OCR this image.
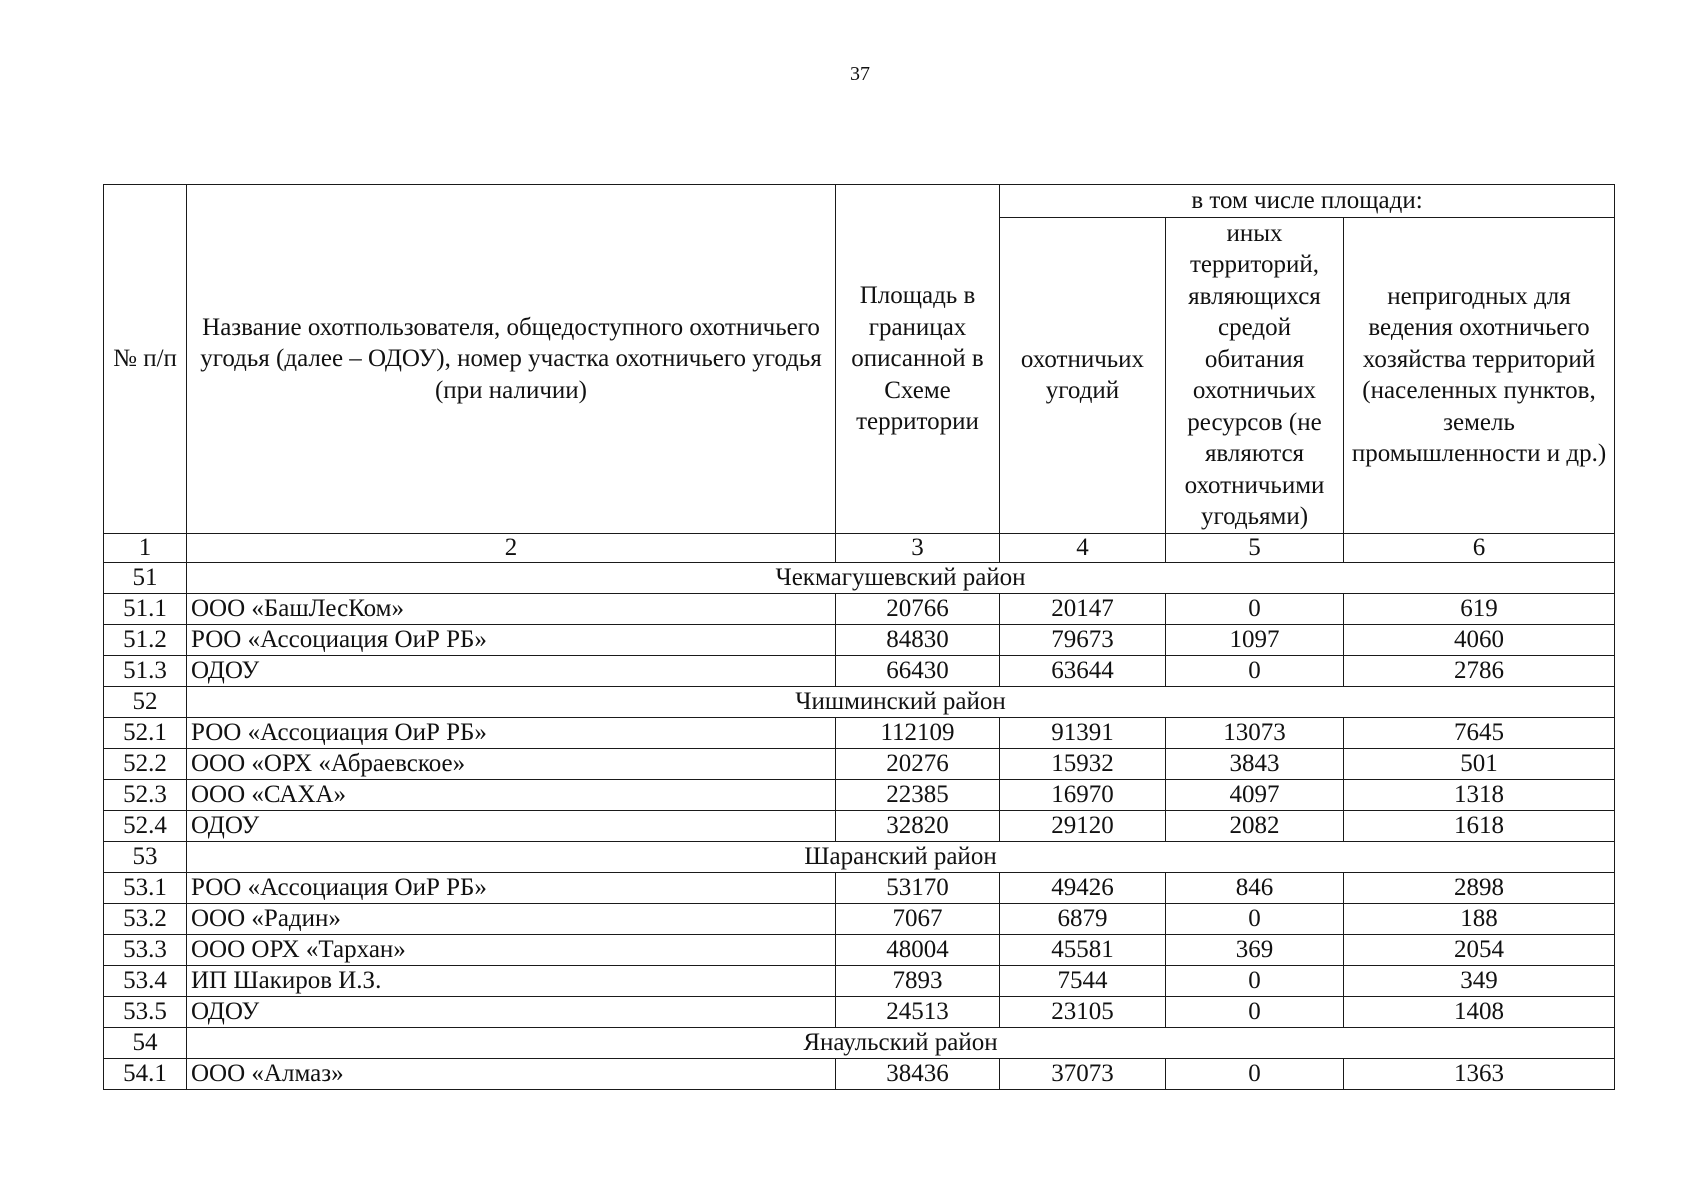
37
№ п/п	Название охотпользователя, общедоступного охотничьего угодья (далее – ОДОУ), номер участка охотничьего угодья (при наличии)	Площадь в границах описанной в Схеме территории	в том числе площади:		
			охотничьих угодий	иных территорий, являющихся средой обитания охотничьих ресурсов (не являются охотничьими угодьями)	непригодных для ведения охотничьего хозяйства территорий (населенных пунктов, земель промышленности и др.)
1	2	3	4	5	6
51	Чекмагушевский район				
51.1	ООО «БашЛесКом»	20766	20147	0	619
51.2	РОО «Ассоциация ОиР РБ»	84830	79673	1097	4060
51.3	ОДОУ	66430	63644	0	2786
52	Чишминский район				
52.1	РОО «Ассоциация ОиР РБ»	112109	91391	13073	7645
52.2	ООО «ОРХ «Абраевское»	20276	15932	3843	501
52.3	ООО «САХА»	22385	16970	4097	1318
52.4	ОДОУ	32820	29120	2082	1618
53	Шаранский район				
53.1	РОО «Ассоциация ОиР РБ»	53170	49426	846	2898
53.2	ООО «Радин»	7067	6879	0	188
53.3	ООО ОРХ «Тархан»	48004	45581	369	2054
53.4	ИП Шакиров И.З.	7893	7544	0	349
53.5	ОДОУ	24513	23105	0	1408
54	Янаульский район				
54.1	ООО «Алмаз»	38436	37073	0	1363
